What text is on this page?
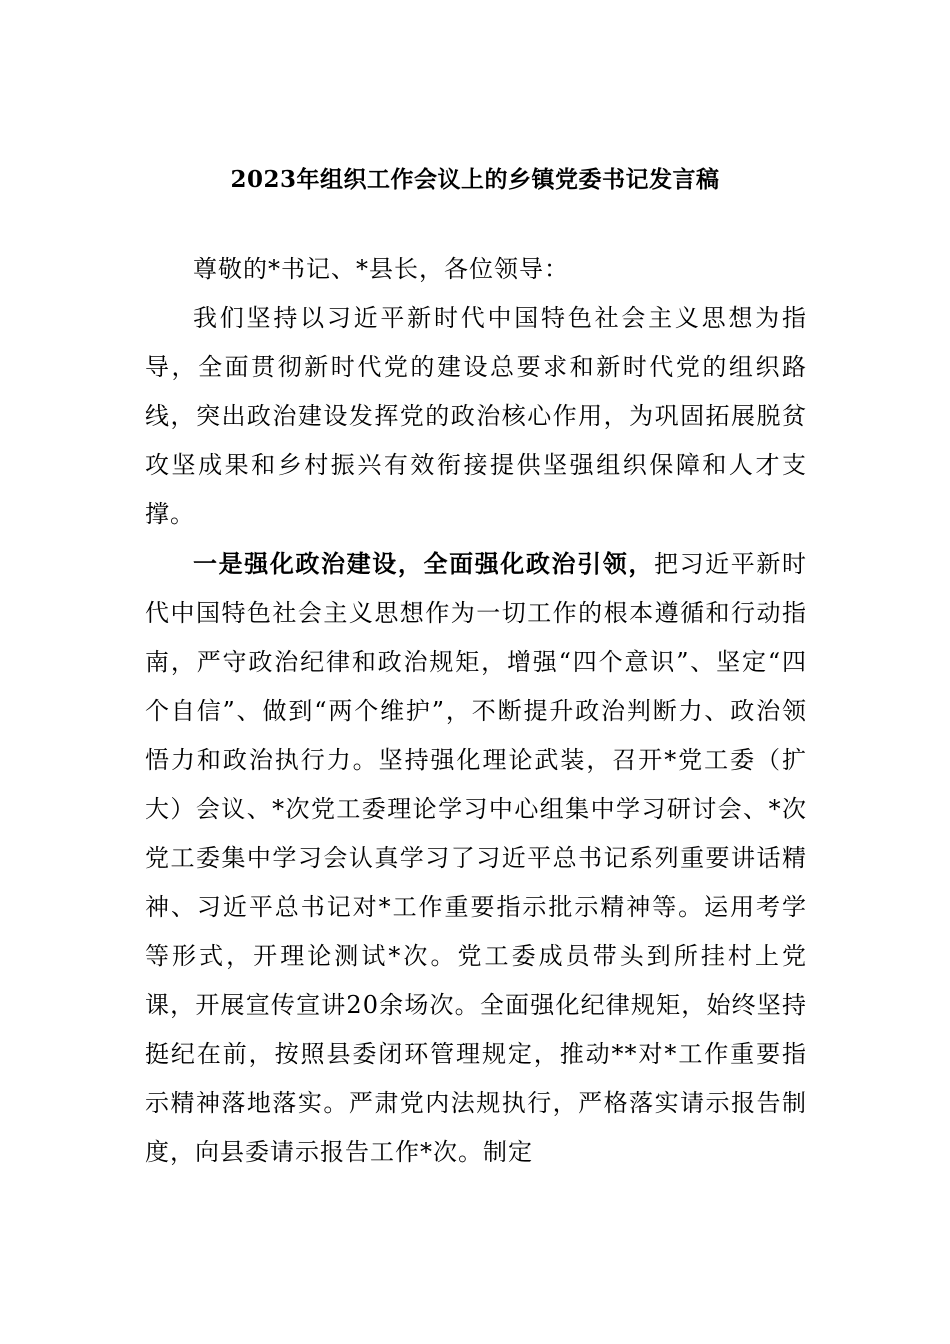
2023年组织工作会议上的乡镇党委书记发言稿

尊敬的*书记、*县长，各位领导：

我们坚持以习近平新时代中国特色社会主义思想为指导，全面贯彻新时代党的建设总要求和新时代党的组织路线，突出政治建设发挥党的政治核心作用，为巩固拓展脱贫攻坚成果和乡村振兴有效衔接提供坚强组织保障和人才支撑。

一是强化政治建设，全面强化政治引领，把习近平新时代中国特色社会主义思想作为一切工作的根本遵循和行动指南，严守政治纪律和政治规矩，增强“四个意识”、坚定“四个自信”、做到“两个维护”，不断提升政治判断力、政治领悟力和政治执行力。坚持强化理论武装，召开*党工委（扩大）会议、*次党工委理论学习中心组集中学习研讨会、*次党工委集中学习会认真学习了习近平总书记系列重要讲话精神、习近平总书记对*工作重要指示批示精神等。运用考学等形式，开理论测试*次。党工委成员带头到所挂村上党课，开展宣传宣讲20余场次。全面强化纪律规矩，始终坚持挺纪在前，按照县委闭环管理规定，推动**对*工作重要指示精神落地落实。严肃党内法规执行，严格落实请示报告制度，向县委请示报告工作*次。制定
